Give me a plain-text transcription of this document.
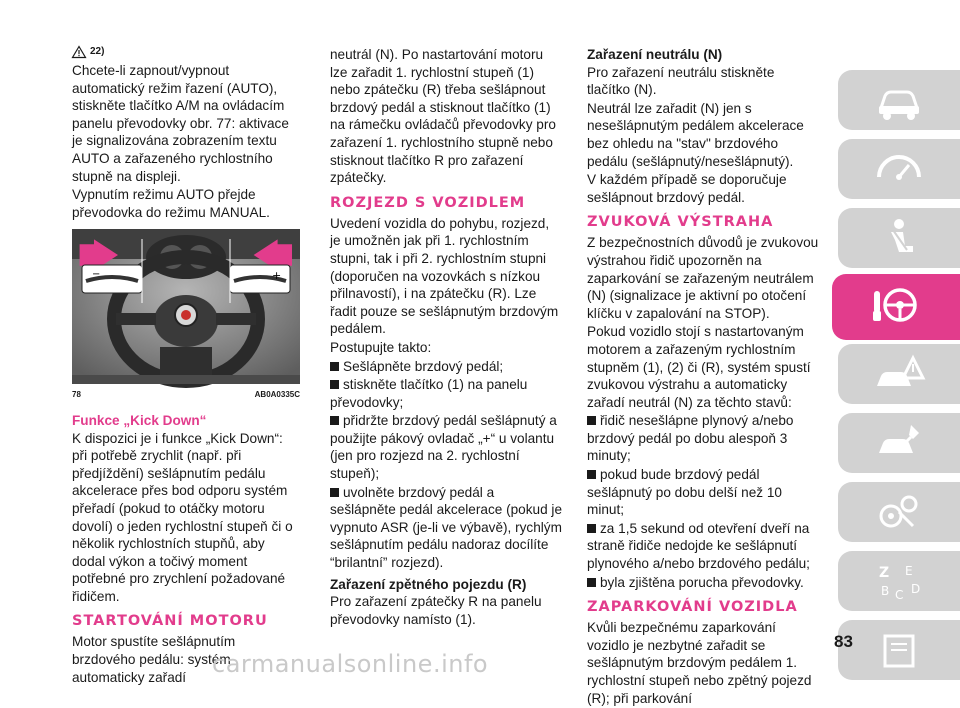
22)

Chcete-li zapnout/vypnout automatický režim řazení (AUTO), stiskněte tlačítko A/M na ovládacím panelu převodovky obr. 77: aktivace je signalizována zobrazením textu AUTO a zařazeného rychlostního stupně na displeji.

Vypnutím režimu AUTO přejde převodovka do režimu MANUAL.

−	+
78	AB0A0335C
Funkce „Kick Down“

K dispozici je i funkce „Kick Down“: při potřebě zrychlit (např. při předjíždění) sešlápnutím pedálu akcelerace přes bod odporu systém přeřadí (pokud to otáčky motoru dovolí) o jeden rychlostní stupeň či o několik rychlostních stupňů, aby dodal výkon a točivý moment potřebné pro zrychlení požadované řidičem.

STARTOVÁNÍ MOTORU

Motor spustíte sešlápnutím brzdového pedálu: systém automaticky zařadí

neutrál (N). Po nastartování motoru lze zařadit 1. rychlostní stupeň (1) nebo zpátečku (R) třeba sešlápnout brzdový pedál a stisknout tlačítko (1) na rámečku ovládačů převodovky pro zařazení 1. rychlostního stupně nebo stisknout tlačítko R pro zařazení zpátečky.

ROZJEZD S VOZIDLEM

Uvedení vozidla do pohybu, rozjezd, je umožněn jak při 1. rychlostním stupni, tak i při 2. rychlostním stupni (doporučen na vozovkách s nízkou přilnavostí), i na zpátečku (R). Lze řadit pouze se sešlápnutým brzdovým pedálem.

Postupujte takto:

Sešlápněte brzdový pedál;

stiskněte tlačítko (1) na panelu převodovky;

přidržte brzdový pedál sešlápnutý a použijte pákový ovladač „+“ u volantu (jen pro rozjezd na 2. rychlostní stupeň);

uvolněte brzdový pedál a sešlápněte pedál akcelerace (pokud je vypnuto ASR (je-li ve výbavě), rychlým sešlápnutím pedálu nadoraz docílíte “brilantní” rozjezd).

Zařazení zpětného pojezdu (R)

Pro zařazení zpátečky R na panelu převodovky namísto (1).

Zařazení neutrálu (N)

Pro zařazení neutrálu stiskněte tlačítko (N).

Neutrál lze zařadit (N) jen s nesešlápnutým pedálem akcelerace bez ohledu na "stav" brzdového pedálu (sešlápnutý/nesešlápnutý).

V každém případě se doporučuje sešlápnout brzdový pedál.

ZVUKOVÁ VÝSTRAHA

Z bezpečnostních důvodů je zvukovou výstrahou řidič upozorněn na zaparkování se zařazeným neutrálem (N) (signalizace je aktivní po otočení klíčku v zapalování na STOP).

Pokud vozidlo stojí s nastartovaným motorem a zařazeným rychlostním stupněm (1), (2) či (R), systém spustí zvukovou výstrahu a automaticky zařadí neutrál (N) za těchto stavů:

řidič nesešlápne plynový a/nebo brzdový pedál po dobu alespoň 3 minuty;

pokud bude brzdový pedál sešlápnutý po dobu delší než 10 minut;

za 1,5 sekund od otevření dveří na straně řidiče nedojde ke sešlápnutí plynového a/nebo brzdového pedálu;

byla zjištěna porucha převodovky.

ZAPARKOVÁNÍ VOZIDLA

Kvůli bezpečnému zaparkování vozidlo je nezbytné zařadit se sešlápnutým brzdovým pedálem 1. rychlostní stupeň nebo zpětný pojezd (R); při parkování

Z E
B C D
83
carmanualsonline.info
